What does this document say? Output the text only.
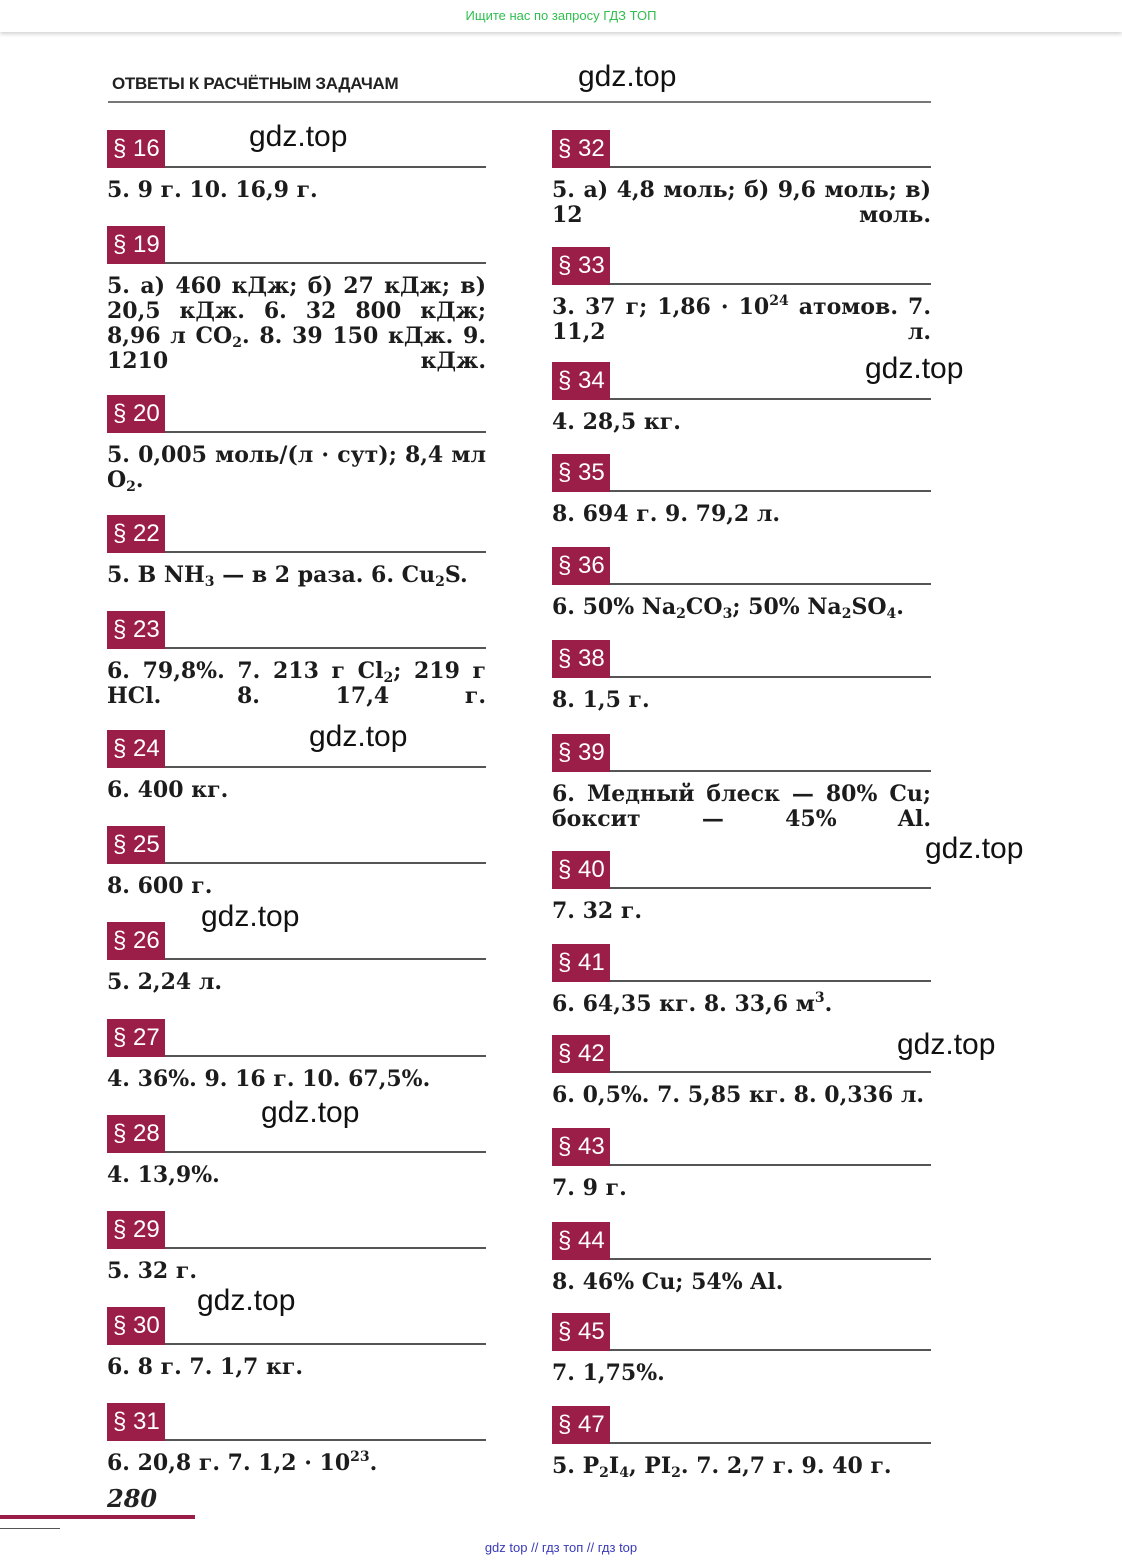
Ищите нас по запросу ГДЗ ТОП
ОТВЕТЫ К РАСЧЁТНЫМ ЗАДАЧАМ
§ 16
5. 9 г. 10. 16,9 г.
§ 19
5. а) 460 кДж; б) 27 кДж; в) 20,5 кДж. 6. 32 800 кДж; 8,96 л $CO_2$. 8. 39 150 кДж. 9. 1210 кДж.
§ 20
5. 0,005 моль/(л · сут); 8,4 мл $O_2$.
§ 22
5. В $NH_3$ — в 2 раза. 6. $Cu_2S$.
§ 23
6. 79,8%. 7. 213 г $Cl_2$; 219 г HCl. 8. 17,4 г.
§ 24
6. 400 кг.
§ 25
8. 600 г.
§ 26
5. 2,24 л.
§ 27
4. 36%. 9. 16 г. 10. 67,5%.
§ 28
4. 13,9%.
§ 29
5. 32 г.
§ 30
6. 8 г. 7. 1,7 кг.
§ 31
6. 20,8 г. 7. $1,2 \cdot 10^{23}$.
§ 32
5. а) 4,8 моль; б) 9,6 моль; в) 12 моль.
§ 33
3. 37 г; $1,86 \cdot 10^{24}$ атомов. 7. 11,2 л.
§ 34
4. 28,5 кг.
§ 35
8. 694 г. 9. 79,2 л.
§ 36
6. 50% $Na_2CO_3$; 50% $Na_2SO_4$.
§ 38
8. 1,5 г.
§ 39
6. Медный блеск — 80% Cu; боксит — 45% Al.
§ 40
7. 32 г.
§ 41
6. 64,35 кг. 8. 33,6 $м^3$.
§ 42
6. 0,5%. 7. 5,85 кг. 8. 0,336 л.
§ 43
7. 9 г.
§ 44
8. 46% Cu; 54% Al.
§ 45
7. 1,75%.
§ 47
5. $P_2I_4$, $PI_2$. 7. 2,7 г. 9. 40 г.
gdz.top
gdz.top
gdz.top
gdz.top
gdz.top
gdz.top
gdz.top
gdz.top
gdz.top
280
gdz top // гдз топ // гдз top
